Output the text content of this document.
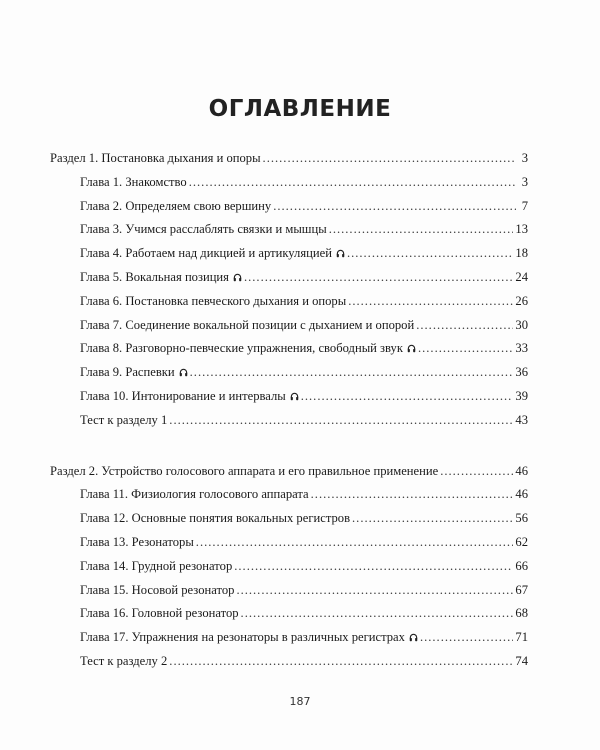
ОГЛАВЛЕНИЕ
Раздел 1. Постановка дыхания и опоры .....	3
Глава 1. Знакомство .....	3
Глава 2. Определяем свою вершину .....	7
Глава 3. Учимся расслаблять связки и мышцы .....	13
Глава 4. Работаем над дикцией и артикуляцией .....	18
Глава 5. Вокальная позиция .....	24
Глава 6. Постановка певческого дыхания и опоры .....	26
Глава 7. Соединение вокальной позиции с дыханием и опорой .....	30
Глава 8. Разговорно-певческие упражнения, свободный звук .....	33
Глава 9. Распевки .....	36
Глава 10. Интонирование и интервалы .....	39
Тест к разделу 1 .....	43
Раздел 2. Устройство голосового аппарата и его правильное применение .....	46
Глава 11. Физиология голосового аппарата .....	46
Глава 12. Основные понятия вокальных регистров .....	56
Глава 13. Резонаторы .....	62
Глава 14. Грудной резонатор .....	66
Глава 15. Носовой резонатор .....	67
Глава 16. Головной резонатор .....	68
Глава 17. Упражнения на резонаторы в различных регистрах .....	71
Тест к разделу 2 .....	74
187
